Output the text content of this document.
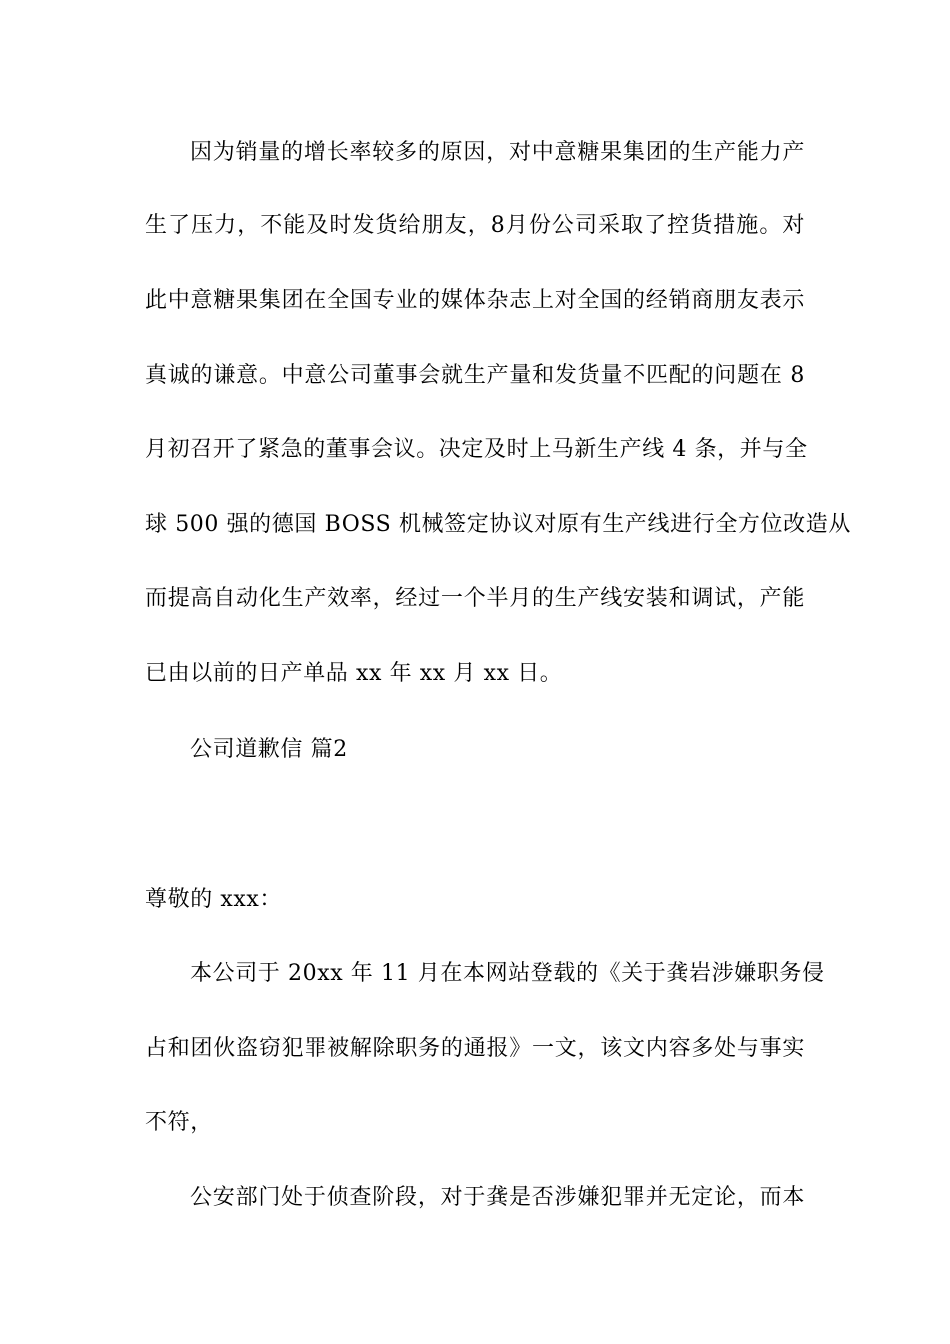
因为销量的增长率较多的原因，对中意糖果集团的生产能力产
生了压力，不能及时发货给朋友，8月份公司采取了控货措施。对
此中意糖果集团在全国专业的媒体杂志上对全国的经销商朋友表示
真诚的谦意。中意公司董事会就生产量和发货量不匹配的问题在 8
月初召开了紧急的董事会议。决定及时上马新生产线 4 条，并与全
球 500 强的德国 BOSS 机械签定协议对原有生产线进行全方位改造从
而提高自动化生产效率，经过一个半月的生产线安装和调试，产能
已由以前的日产单品 xx 年 xx 月 xx 日。
公司道歉信 篇2
尊敬的 xxx：
本公司于 20xx 年 11 月在本网站登载的《关于龚岩涉嫌职务侵
占和团伙盗窃犯罪被解除职务的通报》一文，该文内容多处与事实
不符，
公安部门处于侦查阶段，对于龚是否涉嫌犯罪并无定论，而本
